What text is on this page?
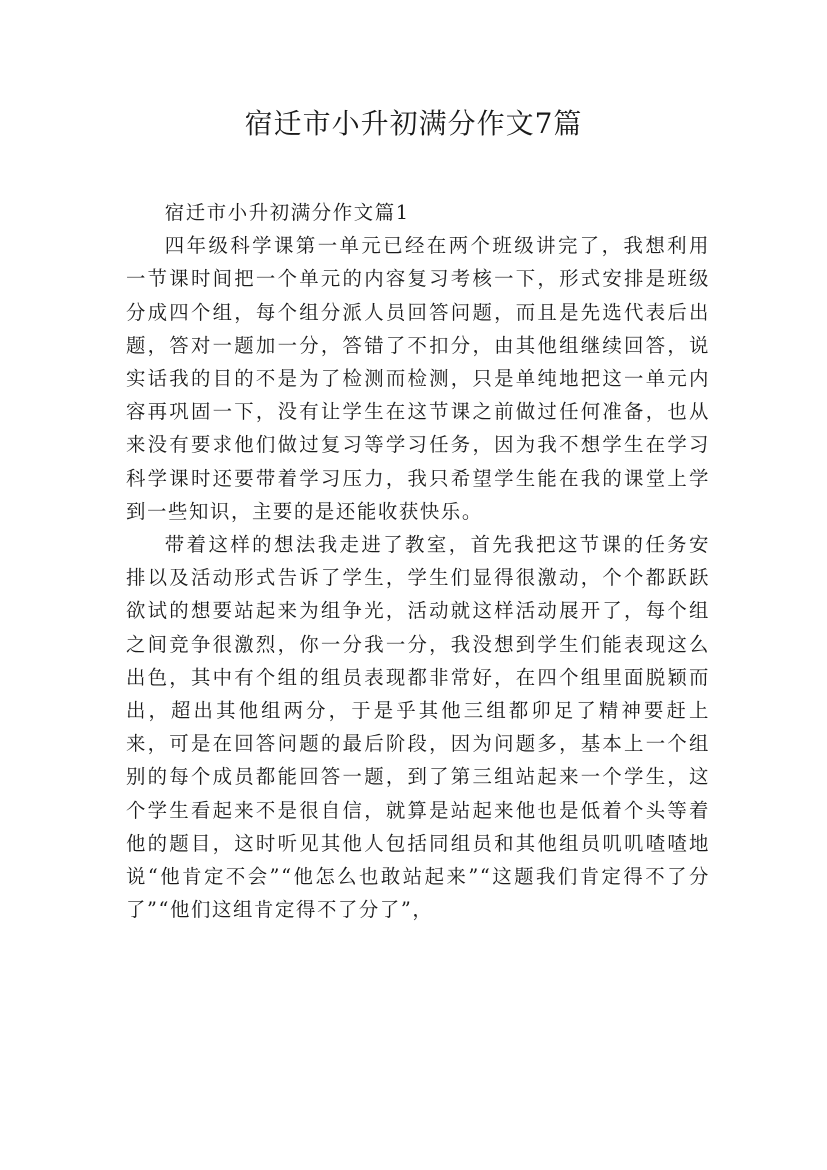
宿迁市小升初满分作文7篇
宿迁市小升初满分作文篇1

四年级科学课第一单元已经在两个班级讲完了，我想利用一节课时间把一个单元的内容复习考核一下，形式安排是班级分成四个组，每个组分派人员回答问题，而且是先选代表后出题，答对一题加一分，答错了不扣分，由其他组继续回答，说实话我的目的不是为了检测而检测，只是单纯地把这一单元内容再巩固一下，没有让学生在这节课之前做过任何准备，也从来没有要求他们做过复习等学习任务，因为我不想学生在学习科学课时还要带着学习压力，我只希望学生能在我的课堂上学到一些知识，主要的是还能收获快乐。

带着这样的想法我走进了教室，首先我把这节课的任务安排以及活动形式告诉了学生，学生们显得很激动，个个都跃跃欲试的想要站起来为组争光，活动就这样活动展开了，每个组之间竞争很激烈，你一分我一分，我没想到学生们能表现这么出色，其中有个组的组员表现都非常好，在四个组里面脱颖而出，超出其他组两分，于是乎其他三组都卯足了精神要赶上来，可是在回答问题的最后阶段，因为问题多，基本上一个组别的每个成员都能回答一题，到了第三组站起来一个学生，这个学生看起来不是很自信，就算是站起来他也是低着个头等着他的题目，这时听见其他人包括同组员和其他组员叽叽喳喳地说“他肯定不会”“他怎么也敢站起来”“这题我们肯定得不了分了”“他们这组肯定得不了分了”，
